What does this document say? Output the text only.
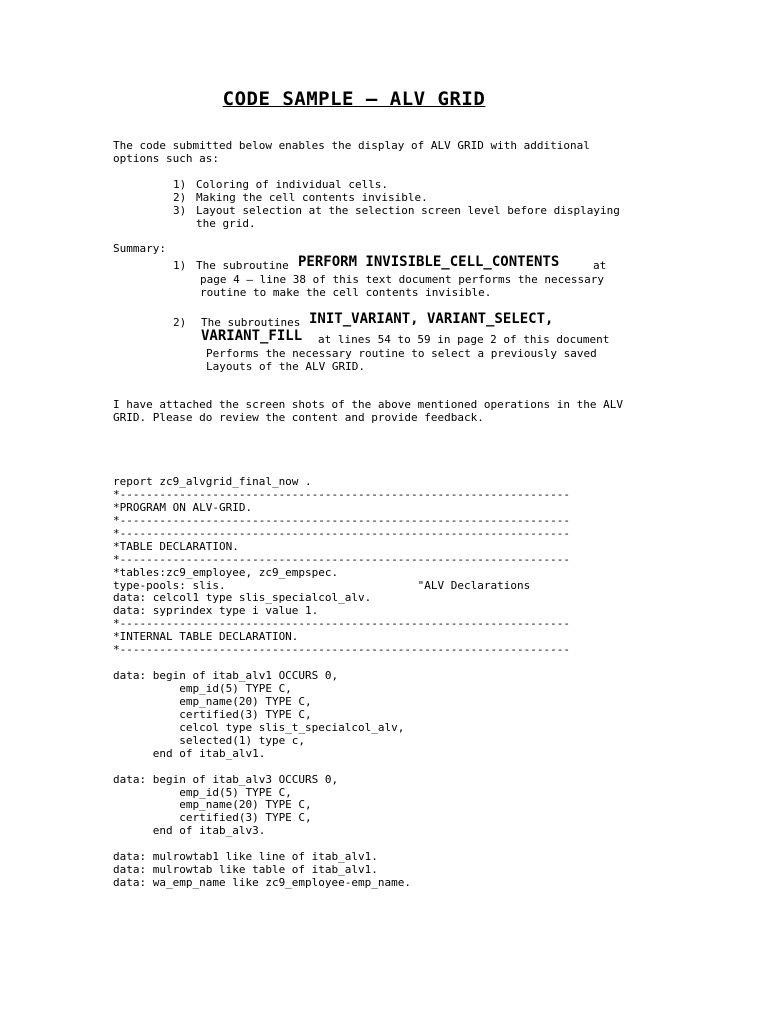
CODE SAMPLE – ALV GRID
The code submitted below enables the display of ALV GRID with additional
options such as:
1) Coloring of individual cells.
2) Making the cell contents invisible.
3) Layout selection at the selection screen level before displaying
the grid.
Summary:
1) The subroutine PERFORM INVISIBLE_CELL_CONTENTS	at
page 4 – line 38 of this text document performs the necessary
routine to make the cell contents invisible.
2) The subroutines INIT_VARIANT, VARIANT_SELECT,
VARIANT_FILL at lines 54 to 59 in page 2 of this document
Performs the necessary routine to select a previously saved
Layouts of the ALV GRID.
I have attached the screen shots of the above mentioned operations in the ALV
GRID. Please do review the content and provide feedback.
report zc9_alvgrid_final_now .
*--------------------------------------------------------------------
*PROGRAM ON ALV-GRID.
*--------------------------------------------------------------------
*--------------------------------------------------------------------
*TABLE DECLARATION.
*--------------------------------------------------------------------
*tables:zc9_employee, zc9_empspec.
type-pools: slis.                             "ALV Declarations
data: celcol1 type slis_specialcol_alv.
data: syprindex type i value 1.
*--------------------------------------------------------------------
*INTERNAL TABLE DECLARATION.
*--------------------------------------------------------------------
data: begin of itab_alv1 OCCURS 0,
emp_id(5) TYPE C,
emp_name(20) TYPE C,
certified(3) TYPE C,
celcol type slis_t_specialcol_alv,
selected(1) type c,
end of itab_alv1.
data: begin of itab_alv3 OCCURS 0,
emp_id(5) TYPE C,
emp_name(20) TYPE C,
certified(3) TYPE C,
end of itab_alv3.
data: mulrowtab1 like line of itab_alv1.
data: mulrowtab like table of itab_alv1.
data: wa_emp_name like zc9_employee-emp_name.
